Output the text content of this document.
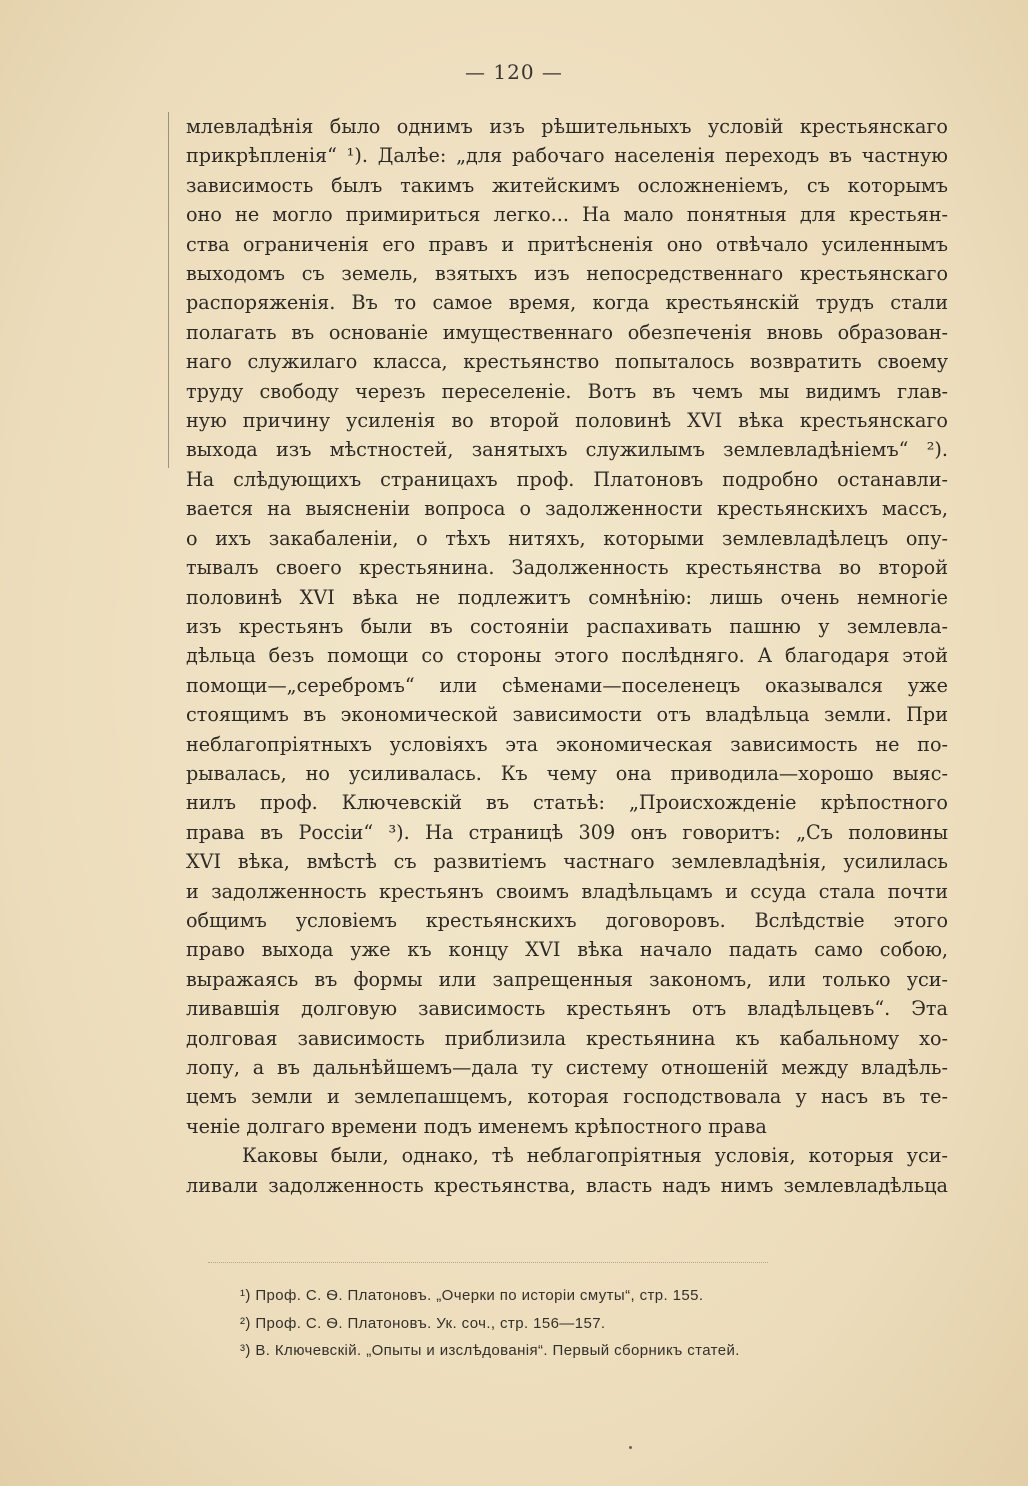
— 120 —
млевладѣнія было однимъ изъ рѣшительныхъ условій крестьянскаго
прикрѣпленія“ ¹). Далѣе: „для рабочаго населенія переходъ въ частную
зависимость былъ такимъ житейскимъ осложненіемъ, съ которымъ
оно не могло примириться легко... На мало понятныя для крестьян-
ства ограниченія его правъ и притѣсненія оно отвѣчало усиленнымъ
выходомъ съ земель, взятыхъ изъ непосредственнаго крестьянскаго
распоряженія. Въ то самое время, когда крестьянскій трудъ стали
полагать въ основаніе имущественнаго обезпеченія вновь образован-
наго служилаго класса, крестьянство попыталось возвратить своему
труду свободу черезъ переселеніе. Вотъ въ чемъ мы видимъ глав-
ную причину усиленія во второй половинѣ XVI вѣка крестьянскаго
выхода изъ мѣстностей, занятыхъ служилымъ землевладѣніемъ“ ²).
На слѣдующихъ страницахъ проф. Платоновъ подробно останавли-
вается на выясненіи вопроса о задолженности крестьянскихъ массъ,
о ихъ закабаленіи, о тѣхъ нитяхъ, которыми землевладѣлецъ опу-
тывалъ своего крестьянина. Задолженность крестьянства во второй
половинѣ XVI вѣка не подлежитъ сомнѣнію: лишь очень немногіе
изъ крестьянъ были въ состояніи распахивать пашню у землевла-
дѣльца безъ помощи со стороны этого послѣдняго. А благодаря этой
помощи—„серебромъ“ или сѣменами—поселенецъ оказывался уже
стоящимъ въ экономической зависимости отъ владѣльца земли. При
неблагопріятныхъ условіяхъ эта экономическая зависимость не по-
рывалась, но усиливалась. Къ чему она приводила—хорошо выяс-
нилъ проф. Ключевскій въ статьѣ: „Происхожденіе крѣпостного
права въ Россіи“ ³). На страницѣ 309 онъ говоритъ: „Съ половины
XVI вѣка, вмѣстѣ съ развитіемъ частнаго землевладѣнія, усилилась
и задолженность крестьянъ своимъ владѣльцамъ и ссуда стала почти
общимъ условіемъ крестьянскихъ договоровъ. Вслѣдствіе этого
право выхода уже къ концу XVI вѣка начало падать само собою,
выражаясь въ формы или запрещенныя закономъ, или только уси-
ливавшія долговую зависимость крестьянъ отъ владѣльцевъ“. Эта
долговая зависимость приблизила крестьянина къ кабальному хо-
лопу, а въ дальнѣйшемъ—дала ту систему отношеній между владѣль-
цемъ земли и землепашцемъ, которая господствовала у насъ въ те-
ченіе долгаго времени подъ именемъ крѣпостного права
Каковы были, однако, тѣ неблагопріятныя условія, которыя уси-
ливали задолженность крестьянства, власть надъ нимъ землевладѣльца
¹) Проф. С. Ѳ. Платоновъ. „Очерки по исторіи смуты“, стр. 155.
²) Проф. С. Ѳ. Платоновъ. Ук. соч., стр. 156—157.
³) В. Ключевскій. „Опыты и изслѣдованія“. Первый сборникъ статей.
